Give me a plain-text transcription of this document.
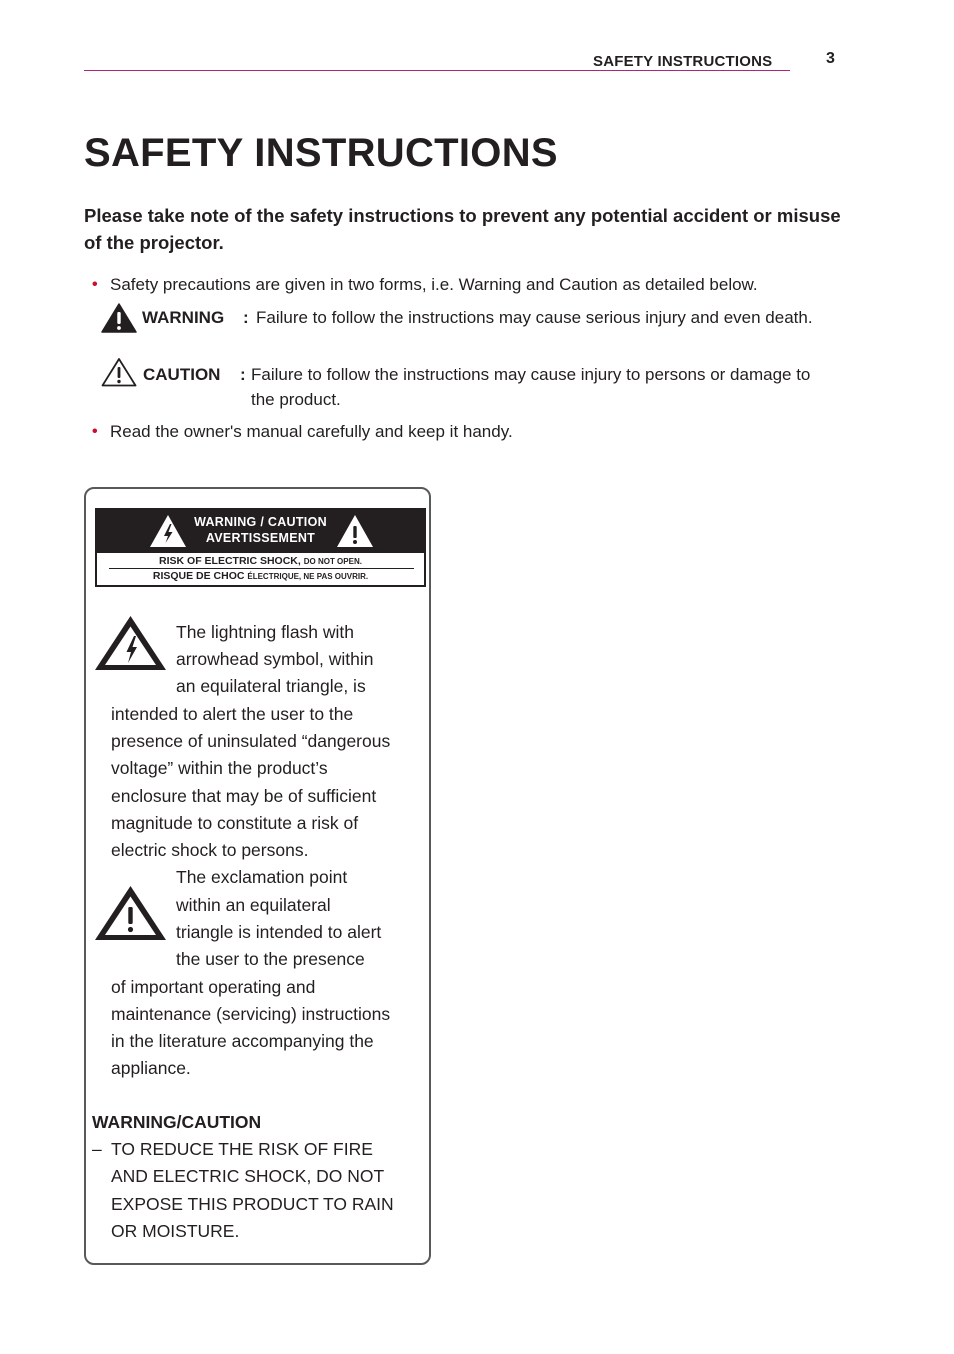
SAFETY INSTRUCTIONS	3
SAFETY INSTRUCTIONS
Please take note of the safety instructions to prevent any potential accident or misuse of the projector.
• Safety precautions are given in two forms, i.e. Warning and Caution as detailed below.
WARNING : Failure to follow the instructions may cause serious injury and even death.
CAUTION : Failure to follow the instructions may cause injury to persons or damage to the product.
• Read the owner's manual carefully and keep it handy.
WARNING / CAUTION
AVERTISSEMENT
RISK OF ELECTRIC SHOCK, DO NOT OPEN.
RISQUE DE CHOC ÉLECTRIQUE, NE PAS OUVRIR.
The lightning flash with
arrowhead symbol, within
an equilateral triangle, is
intended to alert the user to the
presence of uninsulated “dangerous
voltage” within the product’s
enclosure that may be of sufficient
magnitude to constitute a risk of
electric shock to persons.
The exclamation point
within an equilateral
triangle is intended to alert
the user to the presence
of important operating and
maintenance (servicing) instructions
in the literature accompanying the
appliance.
WARNING/CAUTION
– TO REDUCE THE RISK OF FIRE
AND ELECTRIC SHOCK, DO NOT
EXPOSE THIS PRODUCT TO RAIN
OR MOISTURE.
